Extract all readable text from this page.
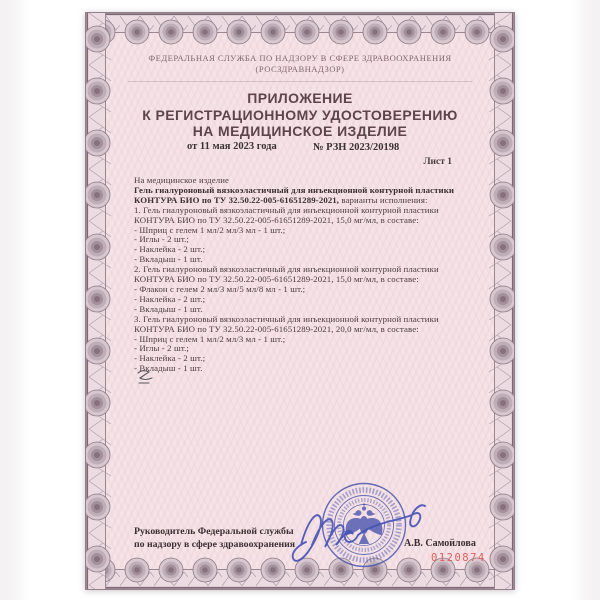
ФЕДЕРАЛЬНАЯ СЛУЖБА ПО НАДЗОРУ В СФЕРЕ ЗДРАВООХРАНЕНИЯ
(РОСЗДРАВНАДЗОР)
ПРИЛОЖЕНИЕ
К РЕГИСТРАЦИОННОМУ УДОСТОВЕРЕНИЮ
НА МЕДИЦИНСКОЕ ИЗДЕЛИЕ
от 11 мая 2023 года	№ РЗН 2023/20198
Лист 1
На медицинское изделие
Гель гиалуроновый вязкоэластичный для инъекционной контурной пластики
КОНТУРА БИО по ТУ 32.50.22-005-61651289-2021, варианты исполнения:
1. Гель гиалуроновый вязкоэластичный для инъекционной контурной пластики
КОНТУРА БИО по ТУ 32.50.22-005-61651289-2021, 15,0 мг/мл, в составе:
- Шприц с гелем 1 мл/2 мл/3 мл - 1 шт.;
- Иглы - 2 шт.;
- Наклейка - 2 шт.;
- Вкладыш - 1 шт.
2. Гель гиалуроновый вязкоэластичный для инъекционной контурной пластики
КОНТУРА БИО по ТУ 32.50.22-005-61651289-2021, 15,0 мг/мл, в составе:
- Флакон с гелем 2 мл/3 мл/5 мл/8 мл - 1 шт.;
- Наклейка - 2 шт.;
- Вкладыш - 1 шт.
3. Гель гиалуроновый вязкоэластичный для инъекционной контурной пластики
КОНТУРА БИО по ТУ 32.50.22-005-61651289-2021, 20,0 мг/мл, в составе:
- Шприц с гелем 1 мл/2 мл/3 мл - 1 шт.;
- Иглы - 2 шт.;
- Наклейка - 2 шт.;
- Вкладыш - 1 шт.
Руководитель Федеральной службы
по надзору в сфере здравоохранения	А.В. Самойлова
0120874
